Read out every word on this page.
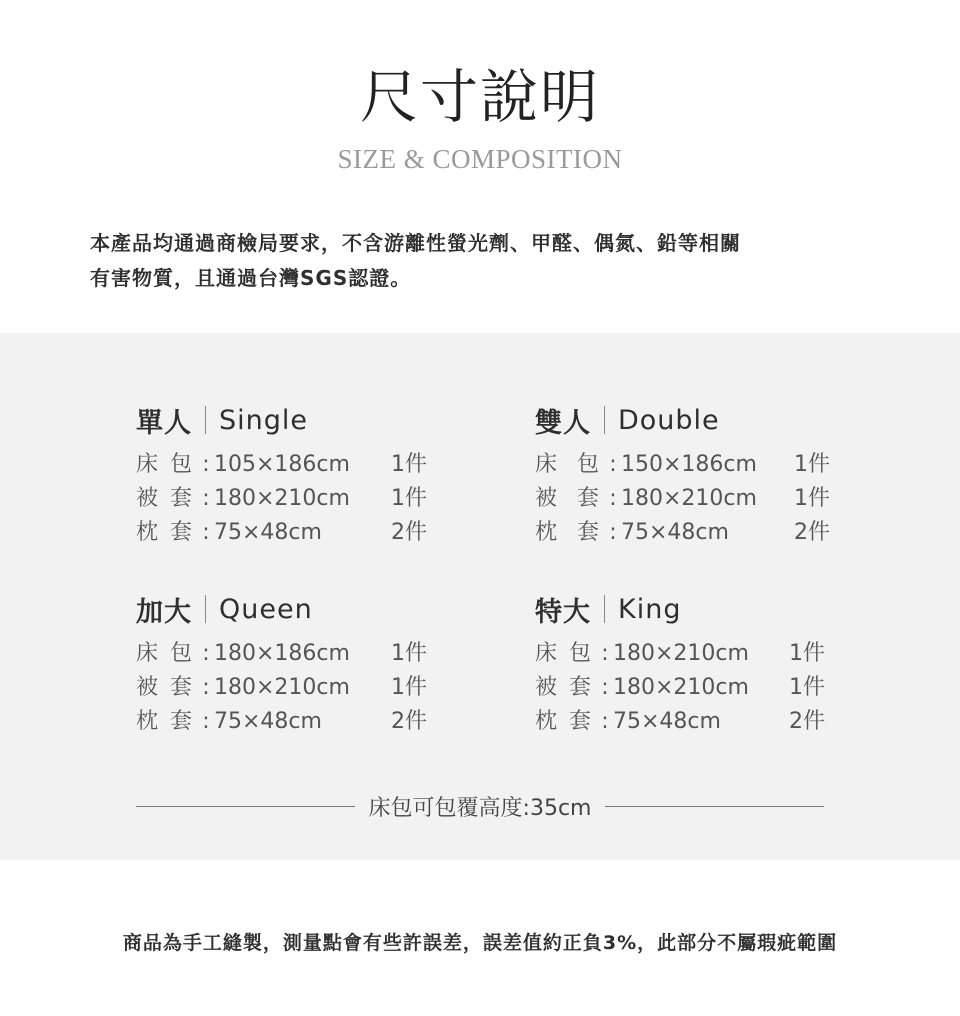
尺寸說明
SIZE & COMPOSITION
本產品均通過商檢局要求，不含游離性螢光劑、甲醛、偶氮、鉛等相關
有害物質，且通過台灣SGS認證。
單人 Single
床 包 : 105×186cm 1件
被 套 : 180×210cm 1件
枕 套 : 75×48cm	2件
雙人 Double
床 包 : 150×186cm 1件
被 套 : 180×210cm 1件
枕 套 : 75×48cm	2件
加大 Queen
床 包 : 180×186cm 1件
被 套 : 180×210cm 1件
枕 套 : 75×48cm	2件
特大 King
床 包 : 180×210cm 1件
被 套 : 180×210cm 1件
枕 套 : 75×48cm	2件
床包可包覆高度:35cm
商品為手工縫製，測量點會有些許誤差，誤差值約正負3%，此部分不屬瑕疵範圍
